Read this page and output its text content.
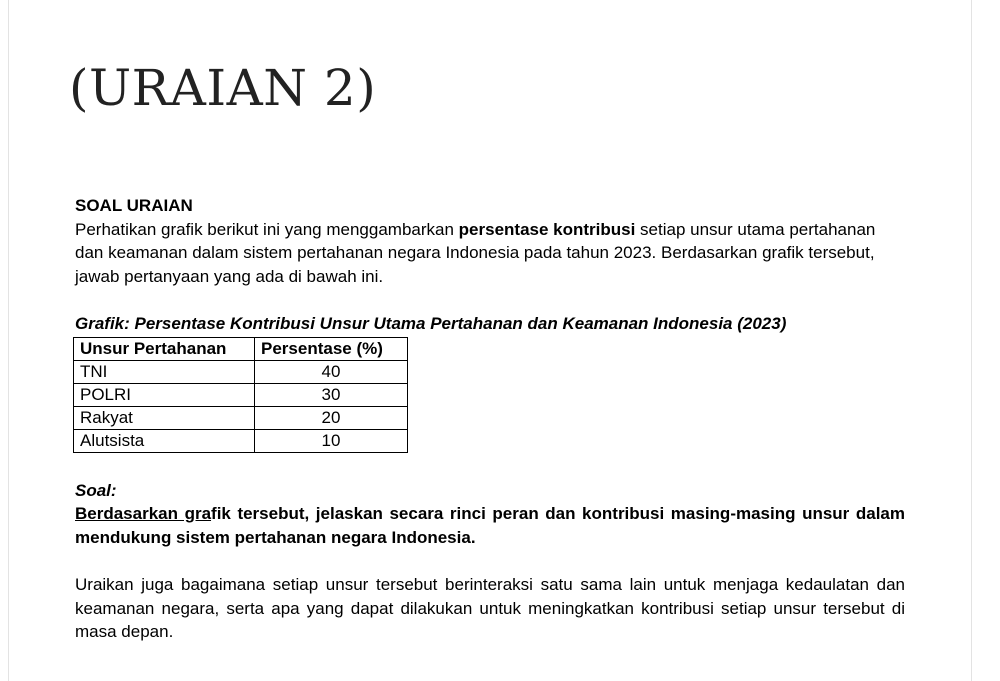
(URAIAN 2)

SOAL URAIAN

Perhatikan grafik berikut ini yang menggambarkan persentase kontribusi setiap unsur utama pertahanan dan keamanan dalam sistem pertahanan negara Indonesia pada tahun 2023. Berdasarkan grafik tersebut, jawab pertanyaan yang ada di bawah ini.

Grafik: Persentase Kontribusi Unsur Utama Pertahanan dan Keamanan Indonesia (2023)

Unsur Pertahanan	Persentase (%)
TNI	40
POLRI	30
Rakyat	20
Alutsista	10

Soal:

Berdasarkan grafik tersebut, jelaskan secara rinci peran dan kontribusi masing-masing unsur dalam mendukung sistem pertahanan negara Indonesia.

Uraikan juga bagaimana setiap unsur tersebut berinteraksi satu sama lain untuk menjaga kedaulatan dan keamanan negara, serta apa yang dapat dilakukan untuk meningkatkan kontribusi setiap unsur tersebut di masa depan.
